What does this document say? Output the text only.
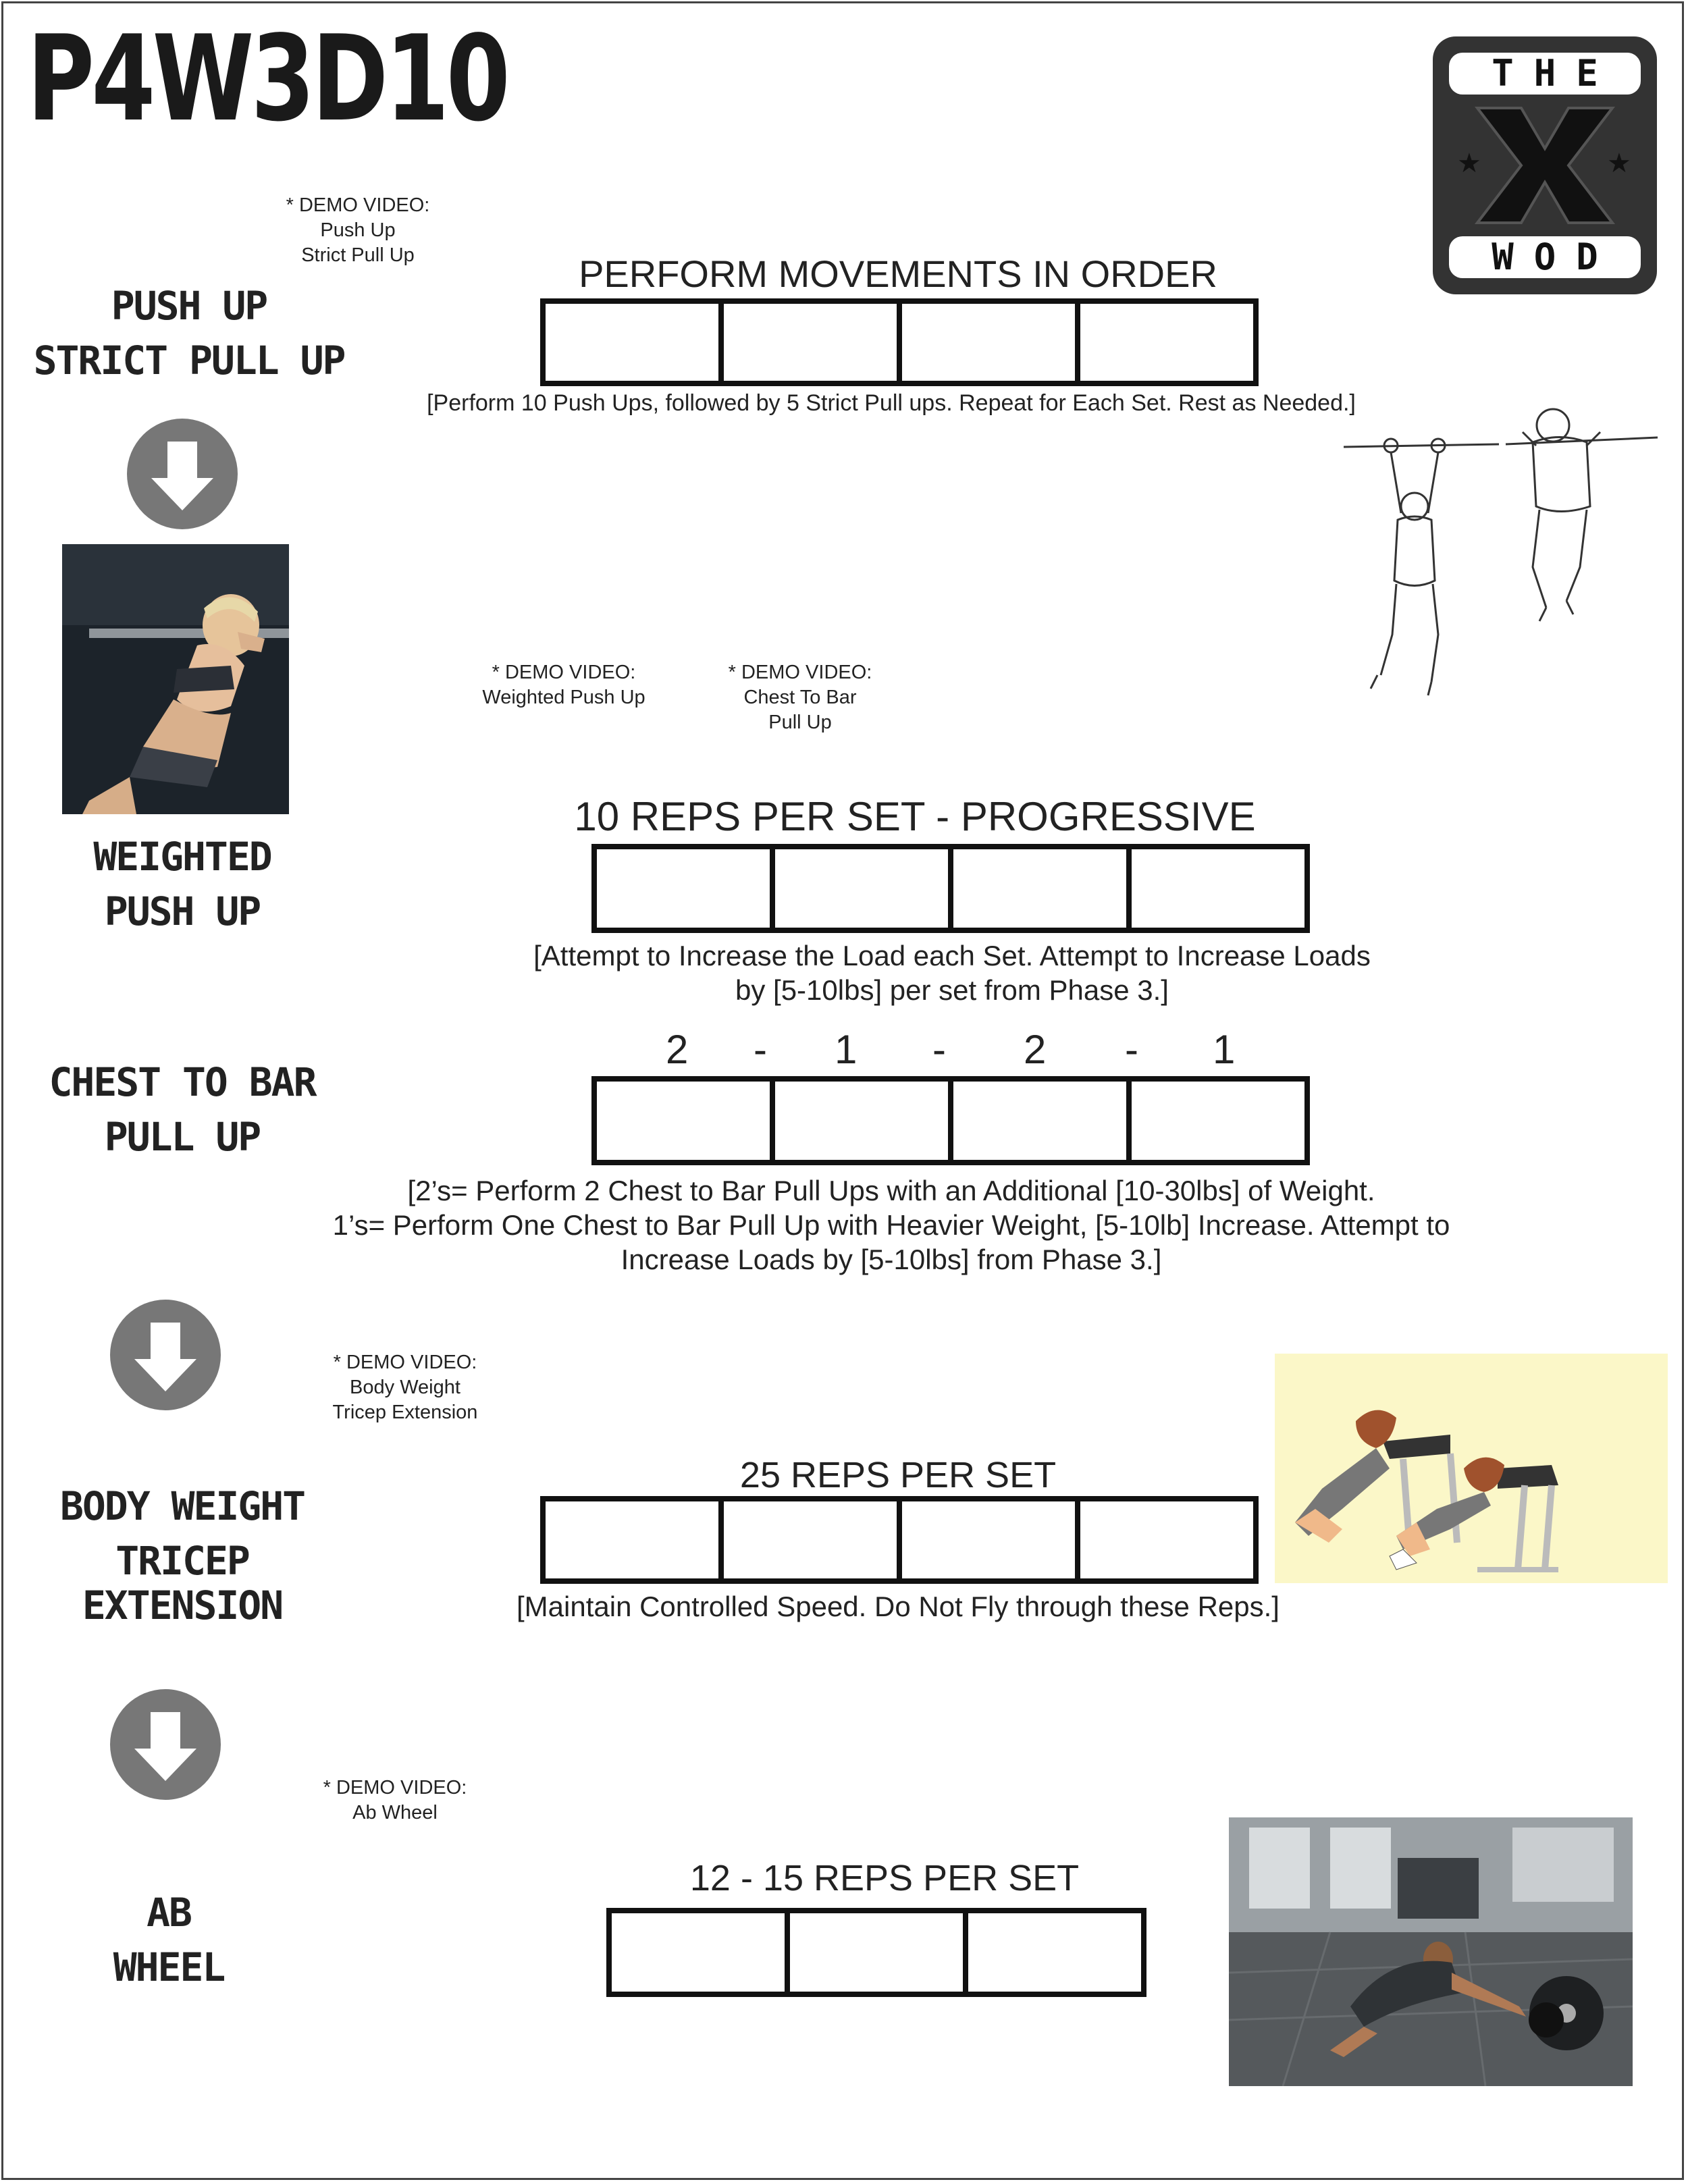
P4W3D10
★	★
THE
WOD
* DEMO VIDEO:
Push Up
Strict Pull Up
PUSH UP
STRICT PULL UP
PERFORM MOVEMENTS IN ORDER
[Perform 10 Push Ups, followed by 5 Strict Pull ups. Repeat for Each Set. Rest as Needed.]
* DEMO VIDEO:
Weighted Push Up
* DEMO VIDEO:
Chest To Bar
Pull Up
10 REPS PER SET - PROGRESSIVE
WEIGHTED
PUSH UP
[Attempt to Increase the Load each Set. Attempt to Increase Loads
by [5-10lbs] per set from Phase 3.]
2 - 1 - 2 - 1
CHEST TO BAR
PULL UP
[2’s= Perform 2 Chest to Bar Pull Ups with an Additional [10-30lbs] of Weight.
1’s= Perform One Chest to Bar Pull Up with Heavier Weight, [5-10lb] Increase. Attempt to
Increase Loads by [5-10lbs] from Phase 3.]
* DEMO VIDEO:
Body Weight
Tricep Extension
25 REPS PER SET
BODY WEIGHT
TRICEP EXTENSION	[Maintain Controlled Speed. Do Not Fly through these Reps.]
* DEMO VIDEO:
Ab Wheel
12 - 15 REPS PER SET
AB
WHEEL
